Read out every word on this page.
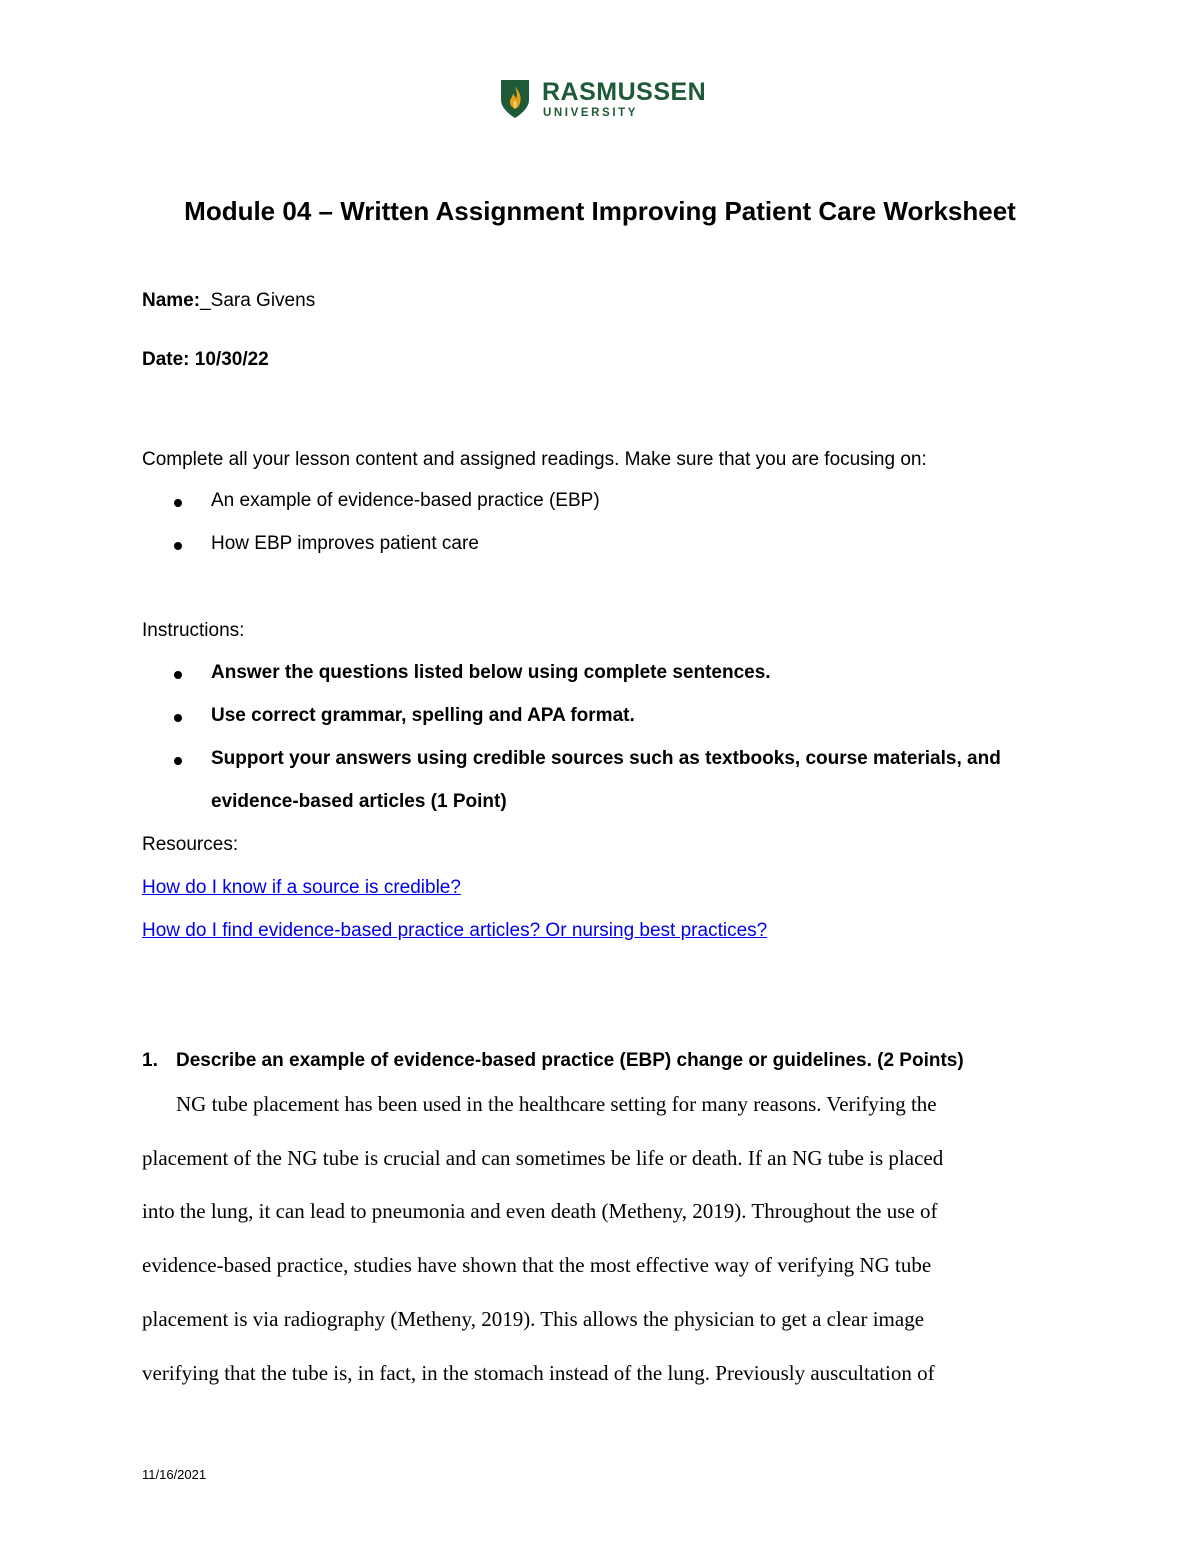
RASMUSSEN
UNIVERSITY
Module 04 – Written Assignment Improving Patient Care Worksheet
Name:_Sara Givens
Date: 10/30/22
Complete all your lesson content and assigned readings. Make sure that you are focusing on:
An example of evidence-based practice (EBP)
How EBP improves patient care
Instructions:
Answer the questions listed below using complete sentences.
Use correct grammar, spelling and APA format.
Support your answers using credible sources such as textbooks, course materials, and
evidence-based articles (1 Point)
Resources:
How do I know if a source is credible?
How do I find evidence-based practice articles? Or nursing best practices?
1. Describe an example of evidence-based practice (EBP) change or guidelines. (2 Points)
NG tube placement has been used in the healthcare setting for many reasons. Verifying the
placement of the NG tube is crucial and can sometimes be life or death. If an NG tube is placed
into the lung, it can lead to pneumonia and even death (Metheny, 2019). Throughout the use of
evidence-based practice, studies have shown that the most effective way of verifying NG tube
placement is via radiography (Metheny, 2019). This allows the physician to get a clear image
verifying that the tube is, in fact, in the stomach instead of the lung. Previously auscultation of
11/16/2021
